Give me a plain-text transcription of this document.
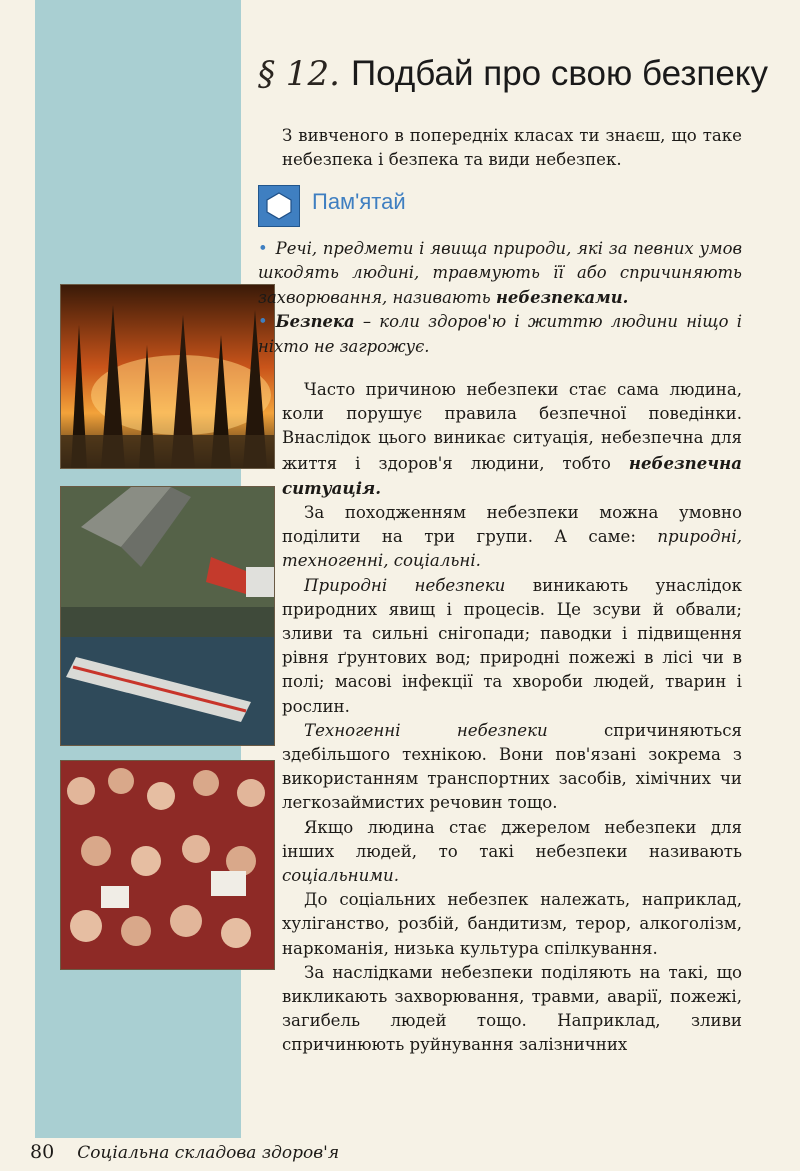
§ 12. Подбай про свою безпеку

З вивченого в попередніх класах ти знаєш, що таке небезпека і безпека та види небезпек.

Пам'ятай

• Речі, предмети і явища природи, які за певних умов шкодять людині, травмують її або спричиняють захворювання, називають небезпеками.

• Безпека – коли здоров'ю і життю людини ніщо і ніхто не загрожує.

Часто причиною небезпеки стає сама людина, коли порушує правила безпечної поведінки. Внаслідок цього виникає ситуація, небезпечна для життя і здоров'я людини, тобто небезпечна ситуація.

За походженням небезпеки можна умовно поділити на три групи. А саме: природні, техногенні, соціальні.

Природні небезпеки виникають унаслідок природних явищ і процесів. Це зсуви й обвали; зливи та сильні снігопади; паводки і підвищення рівня ґрунтових вод; природні пожежі в лісі чи в полі; масові інфекції та хвороби людей, тварин і рослин.

Техногенні небезпеки спричиняються здебільшого технікою. Вони пов'язані зокрема з використанням транспортних засобів, хімічних чи легкозаймистих речовин тощо.

Якщо людина стає джерелом небезпеки для інших людей, то такі небезпеки називають соціальними.

До соціальних небезпек належать, наприклад, хуліганство, розбій, бандитизм, терор, алкоголізм, наркоманія, низька культура спілкування.

За наслідками небезпеки поділяють на такі, що викликають захворювання, травми, аварії, пожежі, загибель людей тощо. Наприклад, зливи спричинюють руйнування залізничних

80 Соціальна складова здоров'я
